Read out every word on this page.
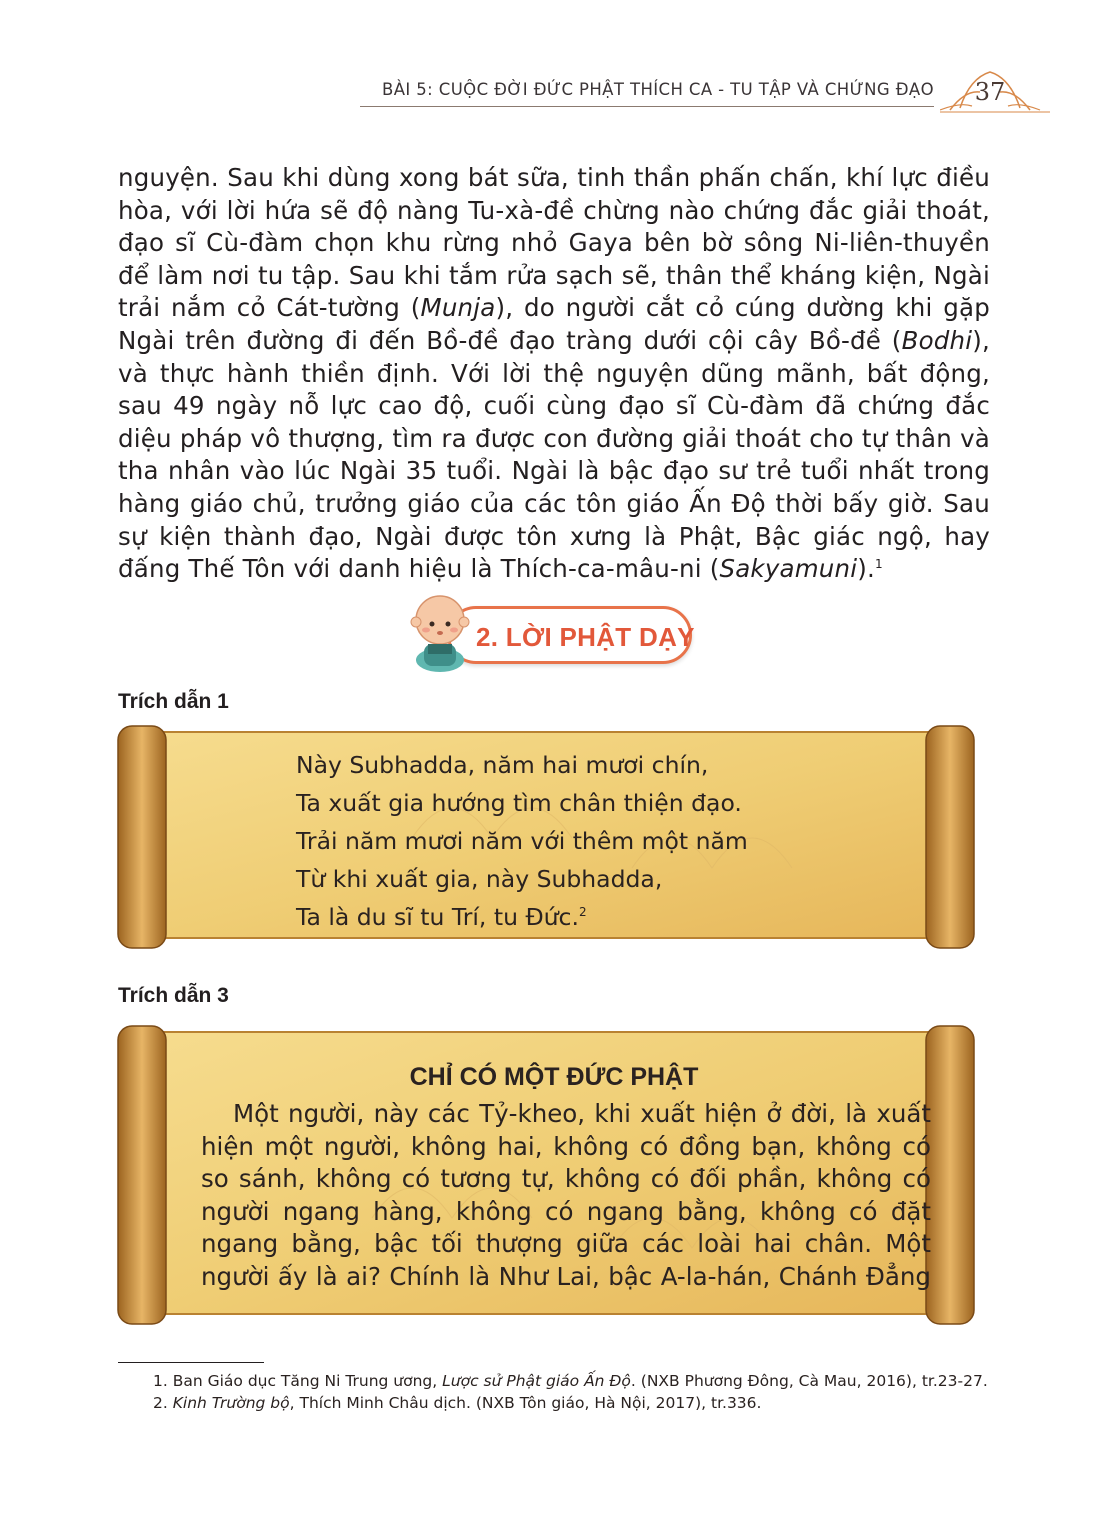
BÀI 5: CUỘC ĐỜI ĐỨC PHẬT THÍCH CA - TU TẬP VÀ CHỨNG ĐẠO	37
nguyện. Sau khi dùng xong bát sữa, tinh thần phấn chấn, khí lực điều hòa, với lời hứa sẽ độ nàng Tu-xà-đề chừng nào chứng đắc giải thoát, đạo sĩ Cù-đàm chọn khu rừng nhỏ Gaya bên bờ sông Ni-liên-thuyền để làm nơi tu tập. Sau khi tắm rửa sạch sẽ, thân thể kháng kiện, Ngài trải nắm cỏ Cát-tường (Munja), do người cắt cỏ cúng dường khi gặp Ngài trên đường đi đến Bồ-đề đạo tràng dưới cội cây Bồ-đề (Bodhi), và thực hành thiền định. Với lời thệ nguyện dũng mãnh, bất động, sau 49 ngày nỗ lực cao độ, cuối cùng đạo sĩ Cù-đàm đã chứng đắc diệu pháp vô thượng, tìm ra được con đường giải thoát cho tự thân và tha nhân vào lúc Ngài 35 tuổi. Ngài là bậc đạo sư trẻ tuổi nhất trong hàng giáo chủ, trưởng giáo của các tôn giáo Ấn Độ thời bấy giờ. Sau sự kiện thành đạo, Ngài được tôn xưng là Phật, Bậc giác ngộ, hay đấng Thế Tôn với danh hiệu là Thích-ca-mâu-ni (Sakyamuni).$^1$
2. LỜI PHẬT DẠY
Trích dẫn 1
Này Subhadda, năm hai mươi chín,
Ta xuất gia hướng tìm chân thiện đạo.
Trải năm mươi năm với thêm một năm
Từ khi xuất gia, này Subhadda,
Ta là du sĩ tu Trí, tu Đức.$^2$
Trích dẫn 3
CHỈ CÓ MỘT ĐỨC PHẬT
Một người, này các Tỷ-kheo, khi xuất hiện ở đời, là xuất hiện một người, không hai, không có đồng bạn, không có so sánh, không có tương tự, không có đối phần, không có người ngang hàng, không có ngang bằng, không có đặt ngang bằng, bậc tối thượng giữa các loài hai chân. Một người ấy là ai? Chính là Như Lai, bậc A-la-hán, Chánh Đẳng
1. Ban Giáo dục Tăng Ni Trung ương, Lược sử Phật giáo Ấn Độ. (NXB Phương Đông, Cà Mau, 2016), tr.23-27.
2. Kinh Trường bộ, Thích Minh Châu dịch. (NXB Tôn giáo, Hà Nội, 2017), tr.336.
